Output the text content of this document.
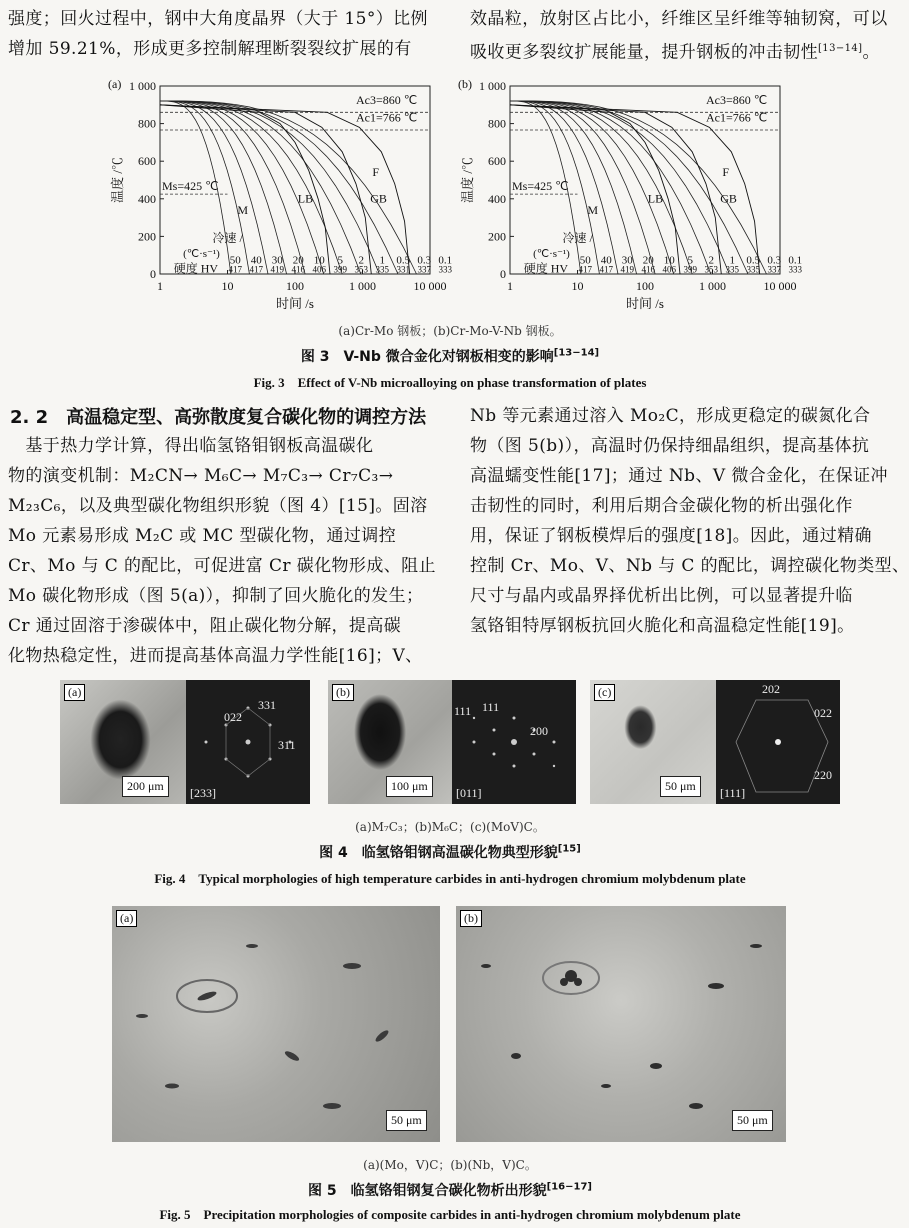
强度；回火过程中，钢中大角度晶界（大于 15°）比例
增加 59.21%，形成更多控制解理断裂裂纹扩展的有
效晶粒，放射区占比小，纤维区呈纤维等轴韧窝，可以
吸收更多裂纹扩展能量，提升钢板的冲击韧性[13−14]。
(a)
0
200
400
600
800
1 000
1	10	100	1 000	10 000
温度 /℃
时间 /s
Ac3=860 ℃
Ac1=766 ℃
Ms=425 ℃
F
M
LB	GB
冷速 /
(℃·s⁻¹)
硬度 HV
50
417
40
417
30
419
20
416
10
406
5
399
2
353
1
335
0.5
331
0.3
337
0.1
333
(b)
0
200
400
600
800
1 000
1	10	100	1 000	10 000
温度 /℃
时间 /s
Ac3=860 ℃
Ac1=766 ℃
Ms=425 ℃
F
M
LB	GB
冷速 /
(℃·s⁻¹)
硬度 HV
50
417
40
417
30
419
20
416
10
406
5
399
2
353
1
335
0.5
335
0.3
337
0.1
333
(a)Cr-Mo 钢板；(b)Cr-Mo-V-Nb 钢板。
图 3　V-Nb 微合金化对钢板相变的影响[13−14]
Fig. 3　Effect of V-Nb microalloying on phase transformation of plates
2. 2　高温稳定型、高弥散度复合碳化物的调控方法
　基于热力学计算，得出临氢铬钼钢板高温碳化
物的演变机制：M₂CN→ M₆C→ M₇C₃→ Cr₇C₃→
M₂₃C₆，以及典型碳化物组织形貌（图 4）[15]。固溶
Mo 元素易形成 M₂C 或 MC 型碳化物，通过调控
Cr、Mo 与 C 的配比，可促进富 Cr 碳化物形成、阻止
Mo 碳化物形成（图 5(a)），抑制了回火脆化的发生；
Cr 通过固溶于渗碳体中，阻止碳化物分解，提高碳
化物热稳定性，进而提高基体高温力学性能[16]；V、
Nb 等元素通过溶入 Mo₂C，形成更稳定的碳氮化合
物（图 5(b)），高温时仍保持细晶组织，提高基体抗
高温蠕变性能[17]；通过 Nb、V 微合金化，在保证冲
击韧性的同时，利用后期合金碳化物的析出强化作
用，保证了钢板模焊后的强度[18]。因此，通过精确
控制 Cr、Mo、V、Nb 与 C 的配比，调控碳化物类型、
尺寸与晶内或晶界择优析出比例，可以显著提升临
氢铬钼特厚钢板抗回火脆化和高温稳定性能[19]。
(a)
200 μm
022
331
311
[233]
(b)
100 μm
111 111
200
[011]
(c)
50 μm
202
022
220
[111]
(a)M₇C₃；(b)M₆C；(c)(MoV)C。
图 4　临氢铬钼钢高温碳化物典型形貌[15]
Fig. 4　Typical morphologies of high temperature carbides in anti-hydrogen chromium molybdenum plate
(a)
50 μm
(b)
50 μm
(a)(Mo，V)C；(b)(Nb，V)C。
图 5　临氢铬钼钢复合碳化物析出形貌[16−17]
Fig. 5　Precipitation morphologies of composite carbides in anti-hydrogen chromium molybdenum plate
